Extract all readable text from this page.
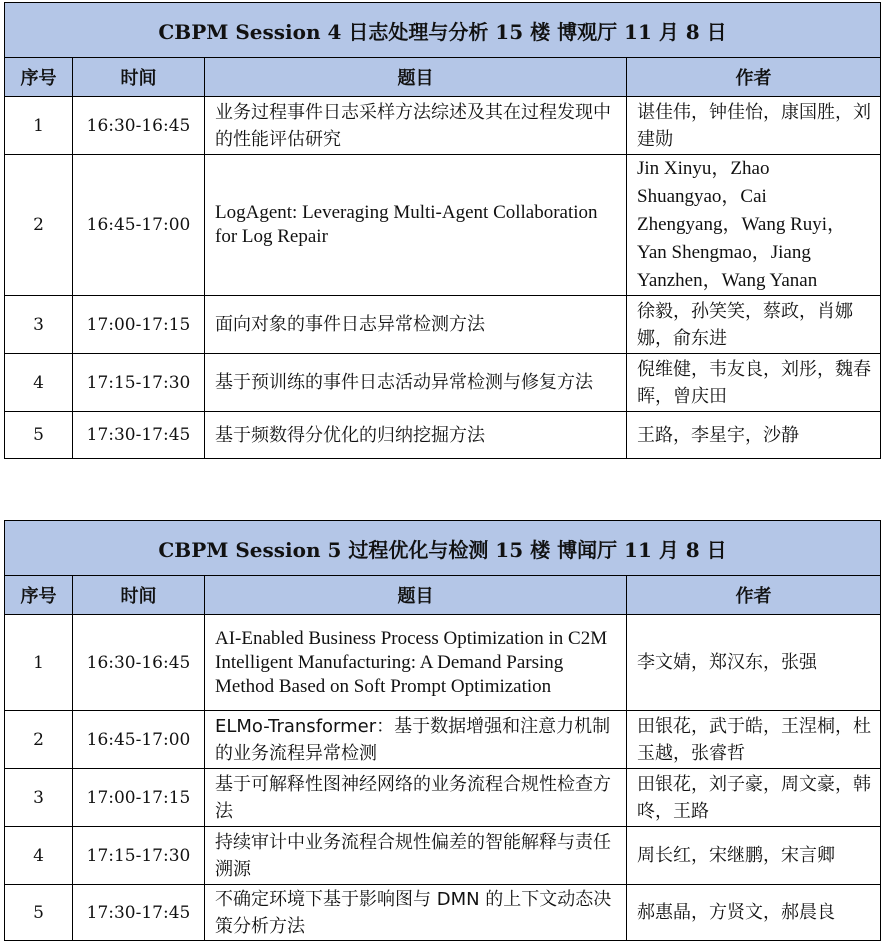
CBPM Session 4 日志处理与分析 15 楼 博观厅 11 月 8 日			
序号	时间	题目	作者
1	16:30-16:45	业务过程事件日志采样方法综述及其在过程发现中的性能评估研究	谌佳伟，钟佳怡，康国胜，刘建勋
2	16:45-17:00	LogAgent: Leveraging Multi-Agent Collaboration for Log Repair	Jin Xinyu，Zhao Shuangyao，Cai Zhengyang，Wang Ruyi，Yan Shengmao，Jiang Yanzhen，Wang Yanan
3	17:00-17:15	面向对象的事件日志异常检测方法	徐毅，孙笑笑，蔡政，肖娜娜，俞东进
4	17:15-17:30	基于预训练的事件日志活动异常检测与修复方法	倪维健，韦友良，刘彤，魏春晖，曾庆田
5	17:30-17:45	基于频数得分优化的归纳挖掘方法	王路，李星宇，沙静
CBPM Session 5 过程优化与检测 15 楼 博闻厅 11 月 8 日			
序号	时间	题目	作者
1	16:30-16:45	AI-Enabled Business Process Optimization in C2M Intelligent Manufacturing: A Demand Parsing Method Based on Soft Prompt Optimization	李文婧，郑汉东，张强
2	16:45-17:00	ELMo-Transformer：基于数据增强和注意力机制的业务流程异常检测	田银花，武于皓，王涅桐，杜玉越，张睿哲
3	17:00-17:15	基于可解释性图神经网络的业务流程合规性检查方法	田银花，刘子豪，周文豪，韩咚，王路
4	17:15-17:30	持续审计中业务流程合规性偏差的智能解释与责任溯源	周长红，宋继鹏，宋言卿
5	17:30-17:45	不确定环境下基于影响图与 DMN 的上下文动态决策分析方法	郝惠晶，方贤文，郝晨良
